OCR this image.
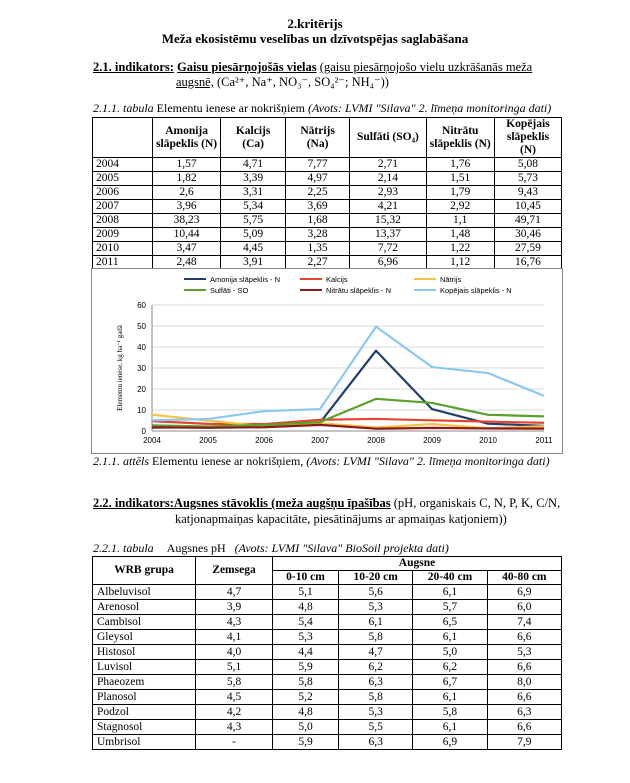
2.kritērijs
Meža ekosistēmu veselības un dzīvotspējas saglabāšana
2.1. indikators: Gaisu piesārņojošās vielas (gaisu piesārņojošo vielu uzkrāšanās meža
augsnē, (Ca²⁺, Na⁺, NO₃⁻, SO₄²⁻; NH₄⁻))
2.1.1. tabula Elementu ienese ar nokrišņiem (Avots: LVMI "Silava" 2. līmeņa monitoringa dati)
	Amonija slāpeklis (N)	Kalcijs (Ca)	Nātrijs (Na)	Sulfāti (SO₄)	Nitrātu slāpeklis (N)	Kopējais slāpeklis (N)
2004	1,57	4,71	7,77	2,71	1,76	5,08
2005	1,82	3,39	4,97	2,14	1,51	5,73
2006	2,6	3,31	2,25	2,93	1,79	9,43
2007	3,96	5,34	3,69	4,21	2,92	10,45
2008	38,23	5,75	1,68	15,32	1,1	49,71
2009	10,44	5,09	3,28	13,37	1,48	30,46
2010	3,47	4,45	1,35	7,72	1,22	27,59
2011	2,48	3,91	2,27	6,96	1,12	16,76
0
10
20
30
40
50
60
2004	2005	2006	2007	2008	2009	2010	2011
Elementu ienese, kg ha⁻¹ gadā
Amonija slāpeklis - N	Kalcijs	Nātrijs
Sulfāti - SO	Nitrātu slāpeklis - N	Kopējais slāpeklis - N
2.1.1. attēls Elementu ienese ar nokrišņiem, (Avots: LVMI "Silava" 2. līmeņa monitoringa dati)
2.2. indikators:Augsnes stāvoklis (meža augšņu īpašības (pH, organiskais C, N, P, K, C/N,
katjonapmaiņas kapacitāte, piesātinājums ar apmaiņas katjoniem))
2.2.1. tabula Augsnes pH (Avots: LVMI "Silava" BioSoil projekta dati)
WRB grupa	Zemsega	Augsne			
		0-10 cm	10-20 cm	20-40 cm	40-80 cm
Albeluvisol	4,7	5,1	5,6	6,1	6,9
Arenosol	3,9	4,8	5,3	5,7	6,0
Cambisol	4,3	5,4	6,1	6,5	7,4
Gleysol	4,1	5,3	5,8	6,1	6,6
Histosol	4,0	4,4	4,7	5,0	5,3
Luvisol	5,1	5,9	6,2	6,2	6,6
Phaeozem	5,8	5,8	6,3	6,7	8,0
Planosol	4,5	5,2	5,8	6,1	6,6
Podzol	4,2	4,8	5,3	5,8	6,3
Stagnosol	4,3	5,0	5,5	6,1	6,6
Umbrisol	-	5,9	6,3	6,9	7,9
